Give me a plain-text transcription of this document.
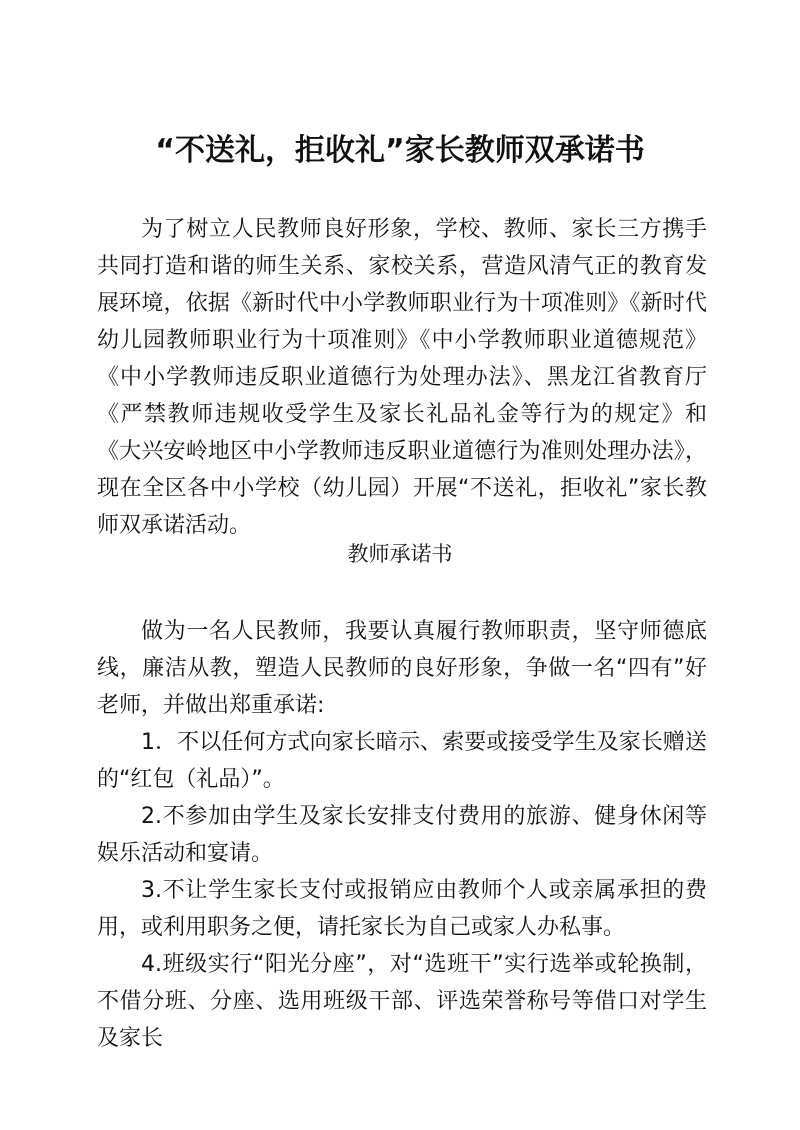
“不送礼，拒收礼”家长教师双承诺书

为了树立人民教师良好形象，学校、教师、家长三方携手共同打造和谐的师生关系、家校关系，营造风清气正的教育发展环境，依据《新时代中小学教师职业行为十项准则》《新时代幼儿园教师职业行为十项准则》《中小学教师职业道德规范》《中小学教师违反职业道德行为处理办法》、黑龙江省教育厅《严禁教师违规收受学生及家长礼品礼金等行为的规定》和《大兴安岭地区中小学教师违反职业道德行为准则处理办法》，现在全区各中小学校（幼儿园）开展“不送礼，拒收礼”家长教师双承诺活动。

教师承诺书
做为一名人民教师，我要认真履行教师职责，坚守师德底线，廉洁从教，塑造人民教师的良好形象，争做一名“四有”好老师，并做出郑重承诺:
1．不以任何方式向家长暗示、索要或接受学生及家长赠送的“红包（礼品）”。
2.不参加由学生及家长安排支付费用的旅游、健身休闲等娱乐活动和宴请。
3.不让学生家长支付或报销应由教师个人或亲属承担的费用，或利用职务之便，请托家长为自己或家人办私事。
4.班级实行“阳光分座”，对“选班干”实行选举或轮换制，不借分班、分座、选用班级干部、评选荣誉称号等借口对学生及家长
